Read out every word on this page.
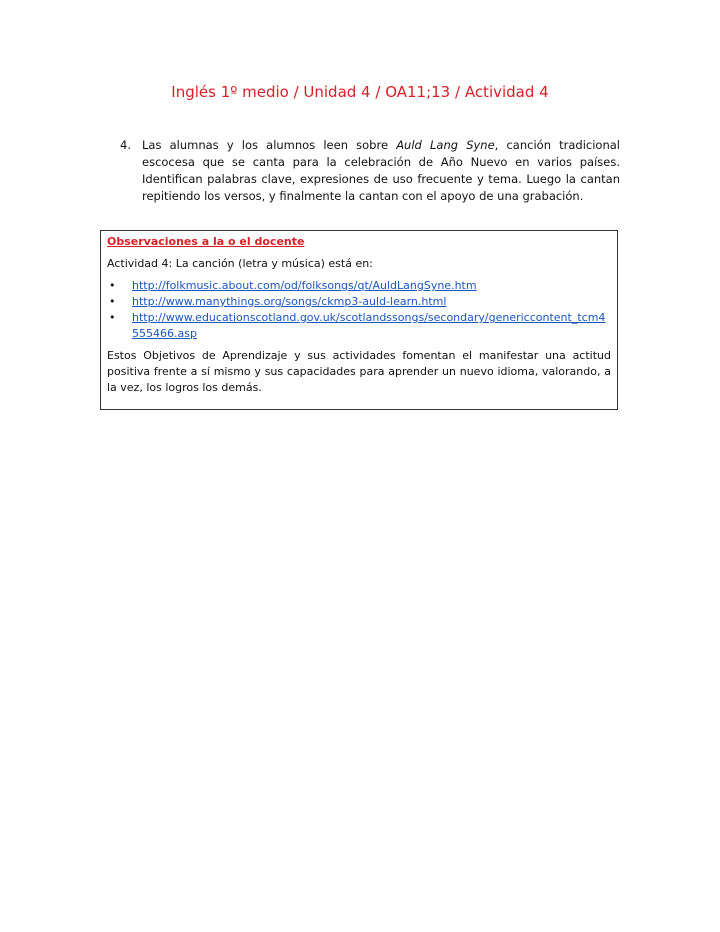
Inglés 1º medio / Unidad 4 / OA11;13 / Actividad 4
4. Las alumnas y los alumnos leen sobre Auld Lang Syne, canción tradicional escocesa que se canta para la celebración de Año Nuevo en varios países. Identifican palabras clave, expresiones de uso frecuente y tema. Luego la cantan repitiendo los versos, y finalmente la cantan con el apoyo de una grabación.
Observaciones a la o el docente
Actividad 4: La canción (letra y música) está en:
• http://folkmusic.about.com/od/folksongs/qt/AuldLangSyne.htm
• http://www.manythings.org/songs/ckmp3-auld-learn.html
• http://www.educationscotland.gov.uk/scotlandssongs/secondary/genericcontent_tcm4555466.asp

Estos Objetivos de Aprendizaje y sus actividades fomentan el manifestar una actitud positiva frente a sí mismo y sus capacidades para aprender un nuevo idioma, valorando, a la vez, los logros los demás.
